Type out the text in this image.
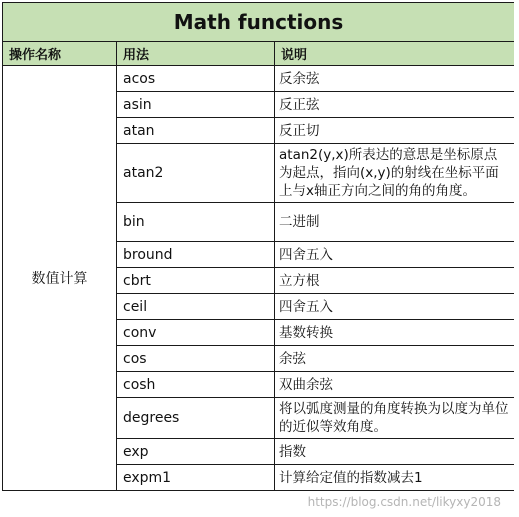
Math functions		
操作名称	用法	说明
数值计算	acos	反余弦
	asin	反正弦
	atan	反正切
	atan2	atan2(y,x)所表达的意思是坐标原点为起点，指向(x,y)的射线在坐标平面上与x轴正方向之间的角的角度。
	bin	二进制
	bround	四舍五入
	cbrt	立方根
	ceil	四舍五入
	conv	基数转换
	cos	余弦
	cosh	双曲余弦
	degrees	将以弧度测量的角度转换为以度为单位的近似等效角度。
	exp	指数
	expm1	计算给定值的指数减去1
https://blog.csdn.net/likyxy2018
